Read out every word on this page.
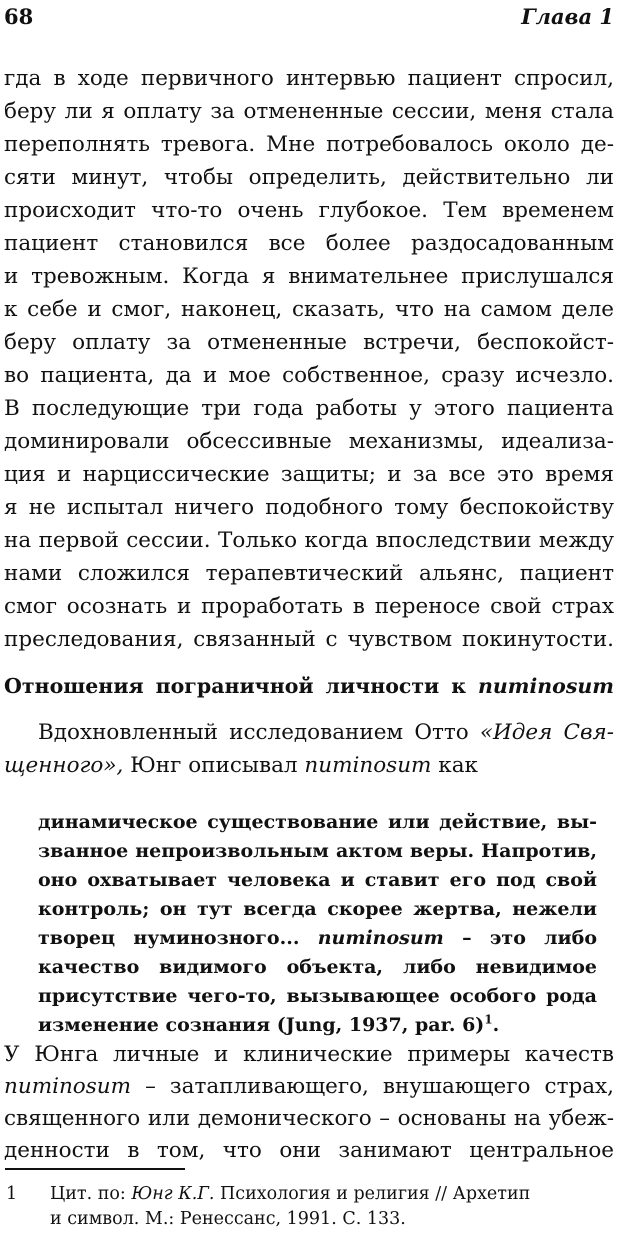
68	Глава 1
гда в ходе первичного интервью пациент спросил,
беру ли я оплату за отмененные сессии, меня стала
переполнять тревога. Мне потребовалось около де-
сяти минут, чтобы определить, действительно ли
происходит что-то очень глубокое. Тем временем
пациент становился все более раздосадованным
и тревожным. Когда я внимательнее прислушался
к себе и смог, наконец, сказать, что на самом деле
беру оплату за отмененные встречи, беспокойст-
во пациента, да и мое собственное, сразу исчезло.
В последующие три года работы у этого пациента
доминировали обсессивные механизмы, идеализа-
ция и нарциссические защиты; и за все это время
я не испытал ничего подобного тому беспокойству
на первой сессии. Только когда впоследствии между
нами сложился терапевтический альянс, пациент
смог осознать и проработать в переносе свой страх
преследования, связанный с чувством покинутости.
Отношения пограничной личности к numinosum
Вдохновленный исследованием Отто «Идея Свя-
щенного», Юнг описывал numinosum как
динамическое существование или действие, вы-
званное непроизвольным актом веры. Напротив,
оно охватывает человека и ставит его под свой
контроль; он тут всегда скорее жертва, нежели
творец нуминозного... numinosum – это либо
качество видимого объекта, либо невидимое
присутствие чего-то, вызывающее особого рода
изменение сознания (Jung, 1937, par. 6)$^1$.
У Юнга личные и клинические примеры качеств
numinosum – затапливающего, внушающего страх,
священного или демонического – основаны на убеж-
денности в том, что они занимают центральное
1 Цит. по: Юнг К.Г. Психология и религия // Архетип
и символ. М.: Ренессанс, 1991. С. 133.
